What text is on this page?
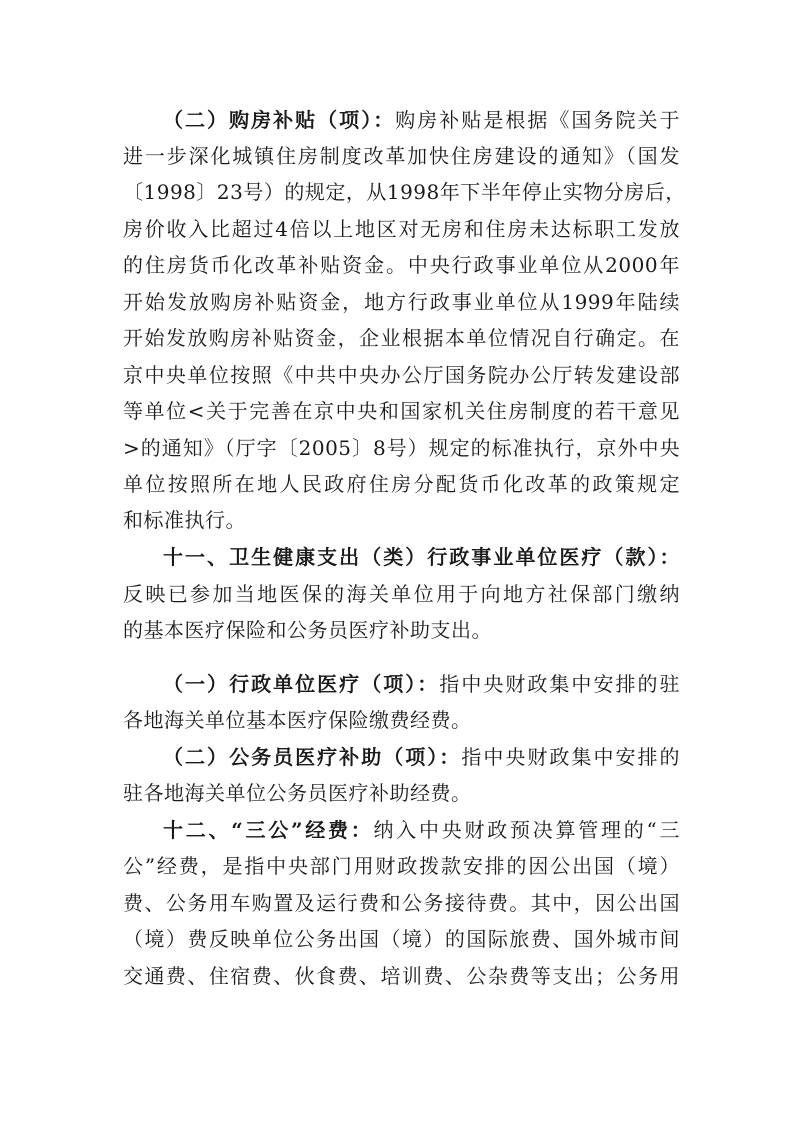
（二）购房补贴（项）：购房补贴是根据《国务院关于
进一步深化城镇住房制度改革加快住房建设的通知》（国发
〔1998〕23号）的规定，从1998年下半年停止实物分房后，
房价收入比超过4倍以上地区对无房和住房未达标职工发放
的住房货币化改革补贴资金。中央行政事业单位从2000年
开始发放购房补贴资金，地方行政事业单位从1999年陆续
开始发放购房补贴资金，企业根据本单位情况自行确定。在
京中央单位按照《中共中央办公厅国务院办公厅转发建设部
等单位<关于完善在京中央和国家机关住房制度的若干意见
>的通知》（厅字〔2005〕8号）规定的标准执行，京外中央
单位按照所在地人民政府住房分配货币化改革的政策规定
和标准执行。
十一、卫生健康支出（类）行政事业单位医疗（款）：
反映已参加当地医保的海关单位用于向地方社保部门缴纳
的基本医疗保险和公务员医疗补助支出。
（一）行政单位医疗（项）：指中央财政集中安排的驻
各地海关单位基本医疗保险缴费经费。
（二）公务员医疗补助（项）：指中央财政集中安排的
驻各地海关单位公务员医疗补助经费。
十二、“三公”经费：纳入中央财政预决算管理的“三
公”经费，是指中央部门用财政拨款安排的因公出国（境）
费、公务用车购置及运行费和公务接待费。其中，因公出国
（境）费反映单位公务出国（境）的国际旅费、国外城市间
交通费、住宿费、伙食费、培训费、公杂费等支出；公务用
